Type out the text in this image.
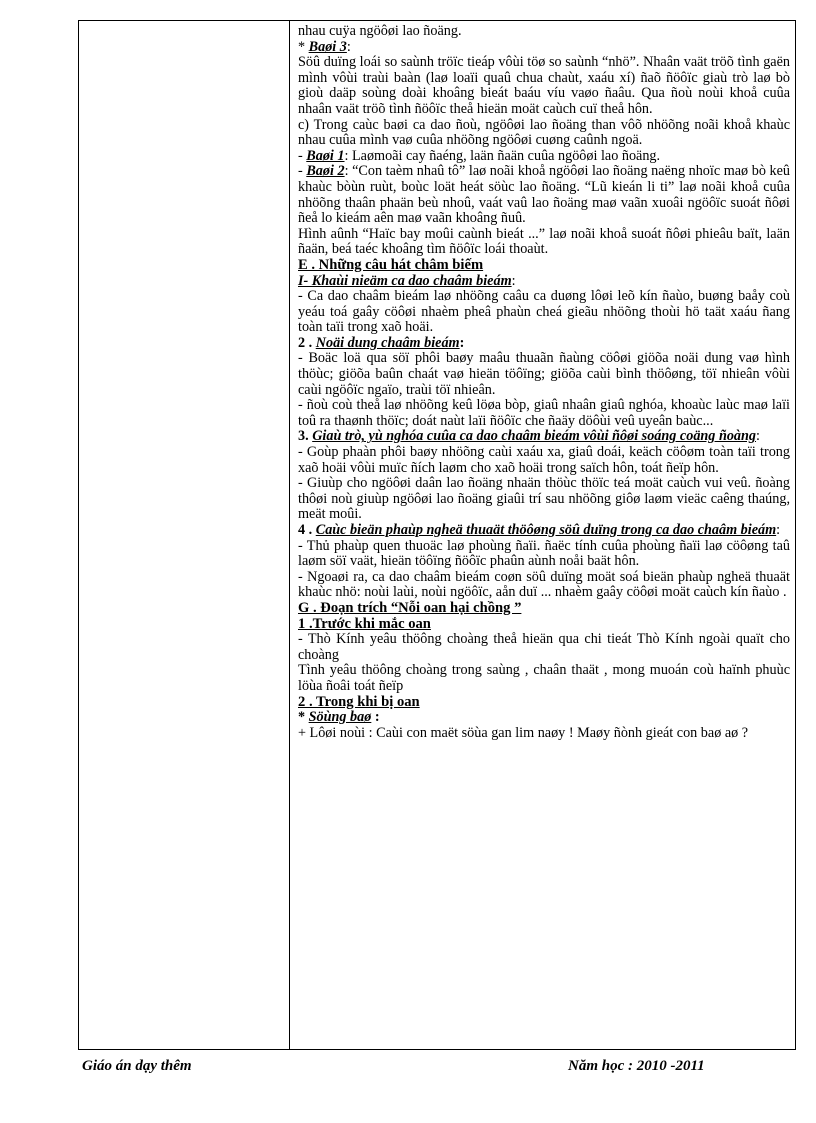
nhau cuÿa ngöôøi lao ñoäng.

* Baøi 3:

Söû duïng loái so saùnh tröïc tieáp vôùi töø so saùnh “nhö”. Nhaân vaät tröõ tình gaën mình vôùi traùi baàn (laø loaïi quaû chua chaùt, xaáu xí) ñaõ ñöôïc giaù trò laø bò gioù daäp soùng doài khoâng bieát baáu víu vaøo ñaâu. Qua ñoù noùi khoå cuûa nhaân vaät tröõ tình ñöôïc theå hieän moät caùch cuï theå hôn.

c) Trong caùc baøi ca dao ñoù, ngöôøi lao ñoäng than vôõ nhöõng noãi khoå khaùc nhau cuûa mình vaø cuûa nhöõng ngöôøi cuøng caûnh ngoä.

- Baøi 1: Laømoãi cay ñaéng, laän ñaän cuûa ngöôøi lao ñoäng.

- Baøi 2: “Con taèm nhaû tô” laø noãi khoå ngöôøi lao ñoäng naëng nhoïc maø bò keû khaùc bòùn ruùt, boùc loät heát söùc lao ñoäng. “Lũ kieán li ti” laø noãi khoå cuûa nhöõng thaân phaän beù nhoû, vaát vaû lao ñoäng maø vaãn xuoâi ngöôïc suoát ñôøi ñeå lo kieám aên maø vaãn khoâng ñuû.

Hình aûnh “Haïc bay moûi caùnh bieát ...” laø noãi khoå suoát ñôøi phieâu baït, laän ñaän, beá taéc khoâng tìm ñöôïc loái thoaùt.

E . Những câu hát châm biếm

I- Khaùi nieäm ca dao chaâm bieám:

- Ca dao chaâm bieám laø nhöõng caâu ca duøng lôøi leõ kín ñaùo, buøng baåy coù yeáu toá gaây cöôøi nhaèm pheâ phaùn cheá gieãu nhöõng thoùi hö taät xaáu ñang toàn taïi trong xaõ hoäi.

2 . Noäi dung chaâm bieám:

- Boäc loä qua söï phôi baøy maâu thuaãn ñaùng cöôøi giöõa noäi dung vaø hình thöùc; giöõa baûn chaát vaø hieän töôïng; giöõa caùi bình thöôøng, töï nhieân vôùi caùi ngöôïc ngaïo, traùi töï nhieân.

- ñoù coù theå laø nhöõng keû löøa bòp, giaû nhaân giaû nghóa, khoaùc laùc maø laïi toû ra thaønh thöïc; doát naùt laïi ñöôïc che ñaäy döôùi veû uyeân baùc...

3. Giaù trò, yù nghóa cuûa ca dao chaâm bieám vôùi ñôøi soáng coäng ñoàng:

- Goùp phaàn phôi baøy nhöõng caùi xaáu xa, giaû doái, keäch cöôøm toàn taïi trong xaõ hoäi vôùi muïc ñích laøm cho xaõ hoäi trong saïch hôn, toát ñeïp hôn.

- Giuùp cho ngöôøi daân lao ñoäng nhaän thöùc thöïc teá moät caùch vui veû. ñoàng thôøi noù giuùp ngöôøi lao ñoäng giaûi trí sau nhöõng giôø laøm vieäc caêng thaúng, meät moûi.

4 . Caùc bieän phaùp ngheä thuaät thöôøng söû duïng trong ca dao chaâm bieám:

- Thủ phaùp quen thuoäc laø phoùng ñaïi. ñaëc tính cuûa phoùng ñaïi laø cöôøng taû laøm söï vaät, hieän töôïng ñöôïc phaûn aùnh noåi baät hôn.

- Ngoaøi ra, ca dao chaâm bieám coøn söû duïng moät soá bieän phaùp ngheä thuaät khaùc nhö: noùi laùi, noùi ngöôïc, aån duï ... nhaèm gaây cöôøi moät caùch kín ñaùo .

G . Đoạn trích “Nỗi oan hại chồng ”

1 .Trước khi mắc oan

- Thò Kính yeâu thöông choàng theå hieän qua chi tieát Thò Kính ngoài quaït cho choàng

Tình yeâu thöông choàng trong saùng , chaân thaät , mong muoán coù haïnh phuùc löùa ñoâi toát ñeïp

2 . Trong khi bị oan

* Söùng baø :

+ Lôøi noùi : Caùi con maët söùa gan lim naøy ! Maøy ñònh gieát con baø aø ?

Giáo án dạy thêm	Năm học : 2010 -2011
